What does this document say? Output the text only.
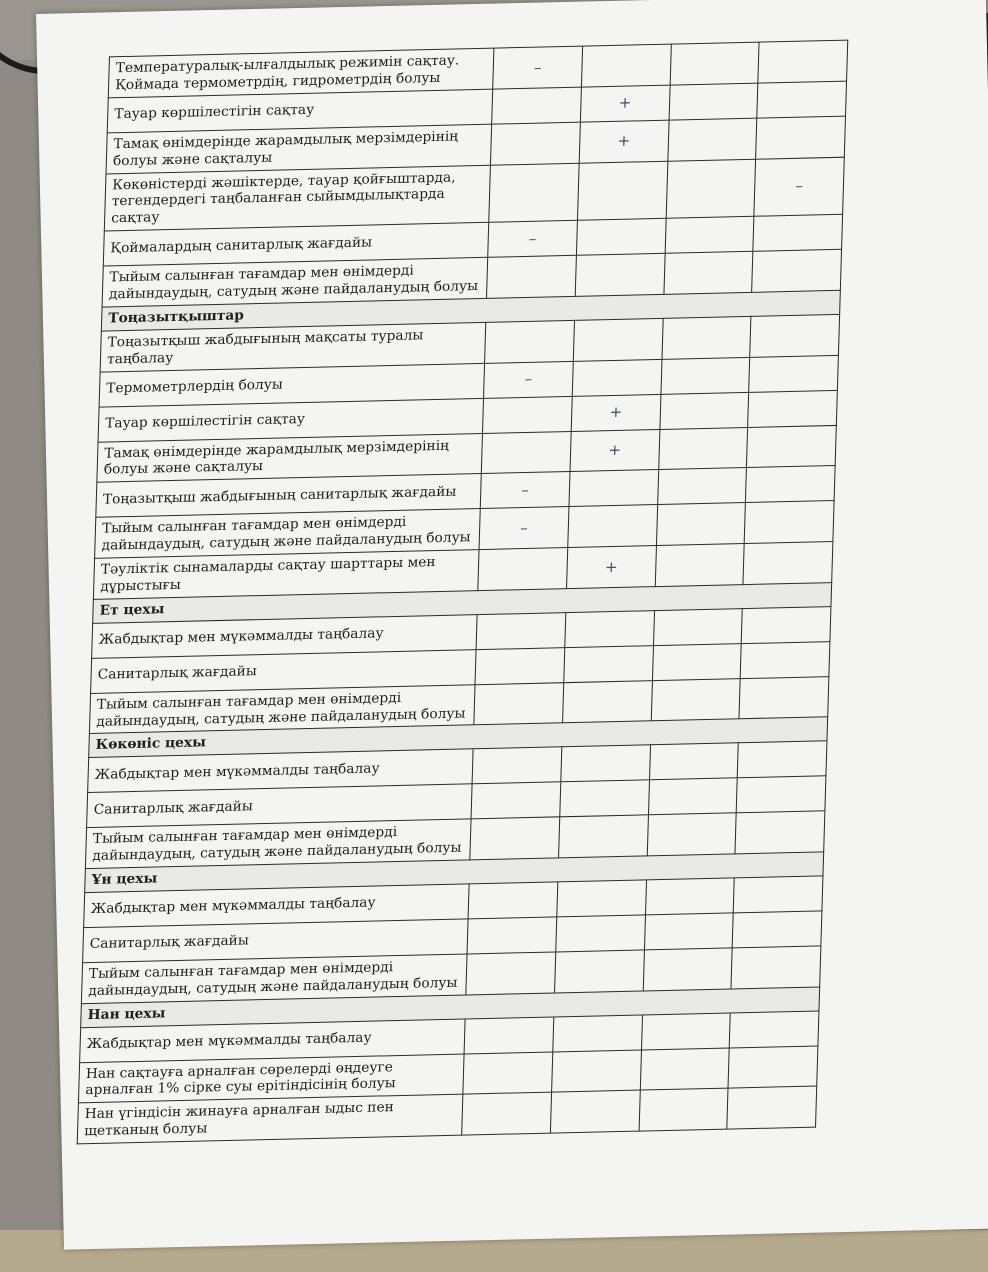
Температуралық-ылғалдылық режимін сақтау. Қоймада термометрдің, гидрометрдің болуы	–			
Тауар көршілестігін сақтау		+		
Тамақ өнімдерінде жарамдылық мерзімдерінің болуы және сақталуы		+		
Көкөністерді жәшіктерде, тауар қойғыштарда, тегендердегі таңбаланған сыйымдылықтарда сақтау				–
Қоймалардың санитарлық жағдайы	–			
Тыйым салынған тағамдар мен өнімдерді дайындаудың, сатудың және пайдаланудың болуы				
Тоңазытқыштар				
Тоңазытқыш жабдығының мақсаты туралы таңбалау				
Термометрлердің болуы	–			
Тауар көршілестігін сақтау		+		
Тамақ өнімдерінде жарамдылық мерзімдерінің болуы және сақталуы		+		
Тоңазытқыш жабдығының санитарлық жағдайы	–			
Тыйым салынған тағамдар мен өнімдерді дайындаудың, сатудың және пайдаланудың болуы	–			
Тәуліктік сынамаларды сақтау шарттары мен дұрыстығы		+		
Ет цехы				
Жабдықтар мен мүкәммалды таңбалау				
Санитарлық жағдайы				
Тыйым салынған тағамдар мен өнімдерді дайындаудың, сатудың және пайдаланудың болуы				
Көкөніс цехы				
Жабдықтар мен мүкәммалды таңбалау				
Санитарлық жағдайы				
Тыйым салынған тағамдар мен өнімдерді дайындаудың, сатудың және пайдаланудың болуы				
Ұн цехы				
Жабдықтар мен мүкәммалды таңбалау				
Санитарлық жағдайы				
Тыйым салынған тағамдар мен өнімдерді дайындаудың, сатудың және пайдаланудың болуы				
Нан цехы				
Жабдықтар мен мүкәммалды таңбалау				
Нан сақтауға арналған сөрелерді өңдеуге арналған 1% сірке суы ерітіндісінің болуы				
Нан үгіндісін жинауға арналған ыдыс пен щетканың болуы				
